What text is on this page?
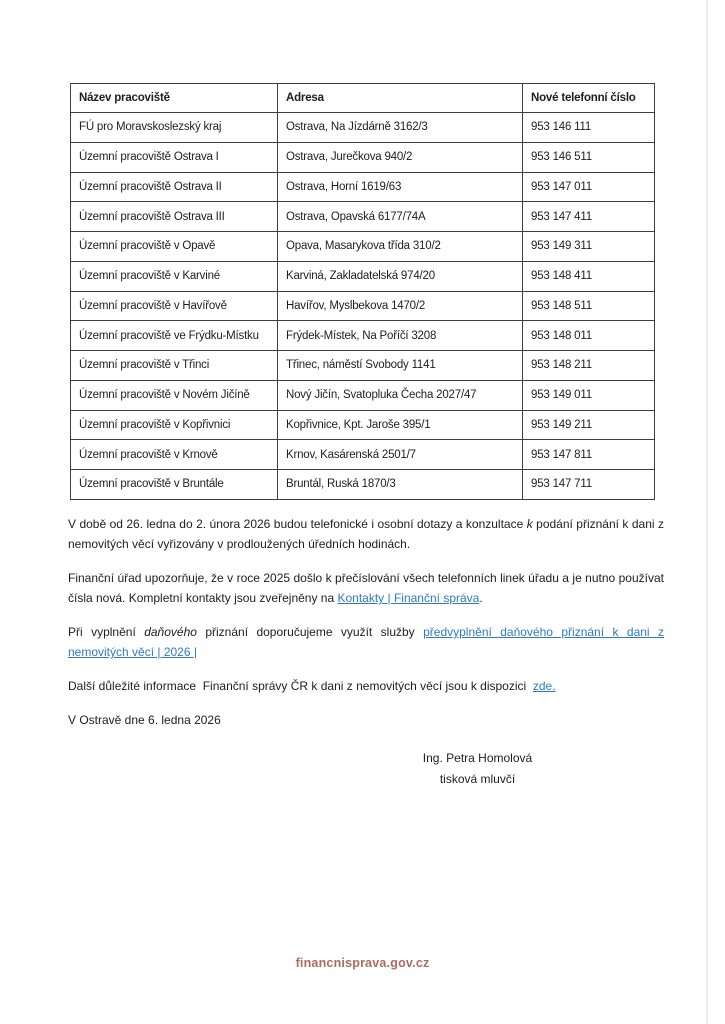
Název pracoviště	Adresa	Nové telefonní číslo
FÚ pro Moravskoslezský kraj	Ostrava, Na Jízdárně 3162/3	953 146 111
Územní pracoviště Ostrava I	Ostrava, Jurečkova 940/2	953 146 511
Územní pracoviště Ostrava II	Ostrava, Horní 1619/63	953 147 011
Územní pracoviště Ostrava III	Ostrava, Opavská 6177/74A	953 147 411
Územní pracoviště v Opavě	Opava, Masarykova třída 310/2	953 149 311
Územní pracoviště v Karviné	Karviná, Zakladatelská 974/20	953 148 411
Územní pracoviště v Havířově	Havířov, Myslbekova 1470/2	953 148 511
Územní pracoviště ve Frýdku-Místku	Frýdek-Místek, Na Poříčí 3208	953 148 011
Územní pracoviště v Třinci	Třinec, náměstí Svobody 1141	953 148 211
Územní pracoviště v Novém Jičíně	Nový Jičín, Svatopluka Čecha 2027/47	953 149 011
Územní pracoviště v Kopřivnici	Kopřivnice, Kpt. Jaroše 395/1	953 149 211
Územní pracoviště v Krnově	Krnov, Kasárenská 2501/7	953 147 811
Územní pracoviště v Bruntále	Bruntál, Ruská 1870/3	953 147 711

V době od 26. ledna do 2. února 2026 budou telefonické i osobní dotazy a konzultace k podání přiznání k dani z nemovitých věcí vyřizovány v prodloužených úředních hodinách.

Finanční úřad upozorňuje, že v roce 2025 došlo k přečíslování všech telefonních linek úřadu a je nutno používat čísla nová. Kompletní kontakty jsou zveřejněny na Kontakty | Finanční správa.

Při vyplnění daňového přiznání doporučujeme využít služby předvyplnění daňového přiznání k dani z nemovitých věcí | 2026 |

Další důležité informace  Finanční správy ČR k dani z nemovitých věcí jsou k dispozici  zde.

V Ostravě dne 6. ledna 2026

Ing. Petra Homolová
tisková mluvčí
financnisprava.gov.cz
